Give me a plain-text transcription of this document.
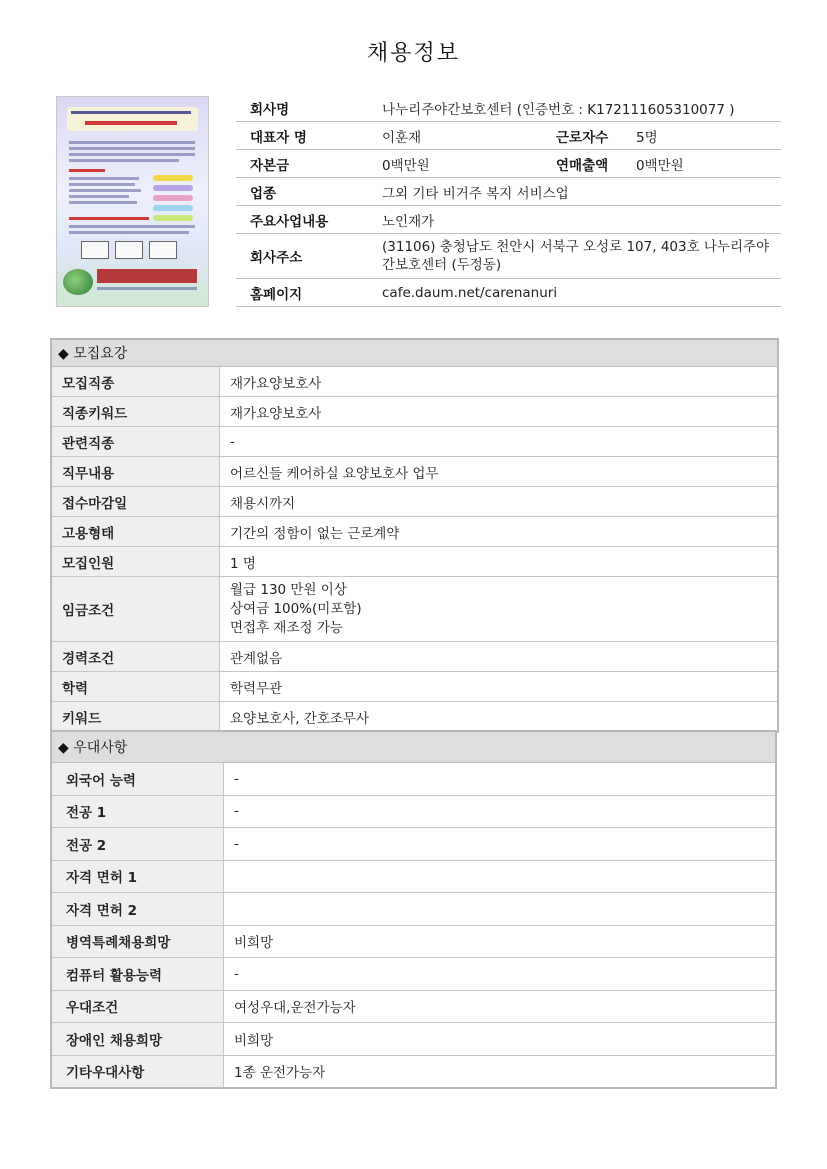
채용정보
회사명	나누리주야간보호센터 (인증번호 : K172111605310077 )		
대표자 명	이훈재	근로자수	5명
자본금	0백만원	연매출액	0백만원
업종	그외 기타 비거주 복지 서비스업		
주요사업내용	노인재가		
회사주소	(31106) 충청남도 천안시 서북구 오성로 107, 403호 나누리주야간보호센터 (두정동)		
홈페이지	cafe.daum.net/carenanuri		
◆ 모집요강	
모집직종	재가요양보호사
직종키워드	재가요양보호사
관련직종	-
직무내용	어르신들 케어하실 요양보호사 업무
접수마감일	채용시까지
고용형태	기간의 정함이 없는 근로계약
모집인원	1 명
임금조건	월급 130 만원 이상
상여금 100%(미포함)
면접후 재조정 가능

경력조건	관계없음
학력	학력무관
키워드	요양보호사, 간호조무사
◆ 우대사항	
외국어 능력	-
전공 1	-
전공 2	-
자격 면허 1	
자격 면허 2	
병역특례채용희망	비희망
컴퓨터 활용능력	-
우대조건	여성우대,운전가능자
장애인 채용희망	비희망
기타우대사항	1종 운전가능자
